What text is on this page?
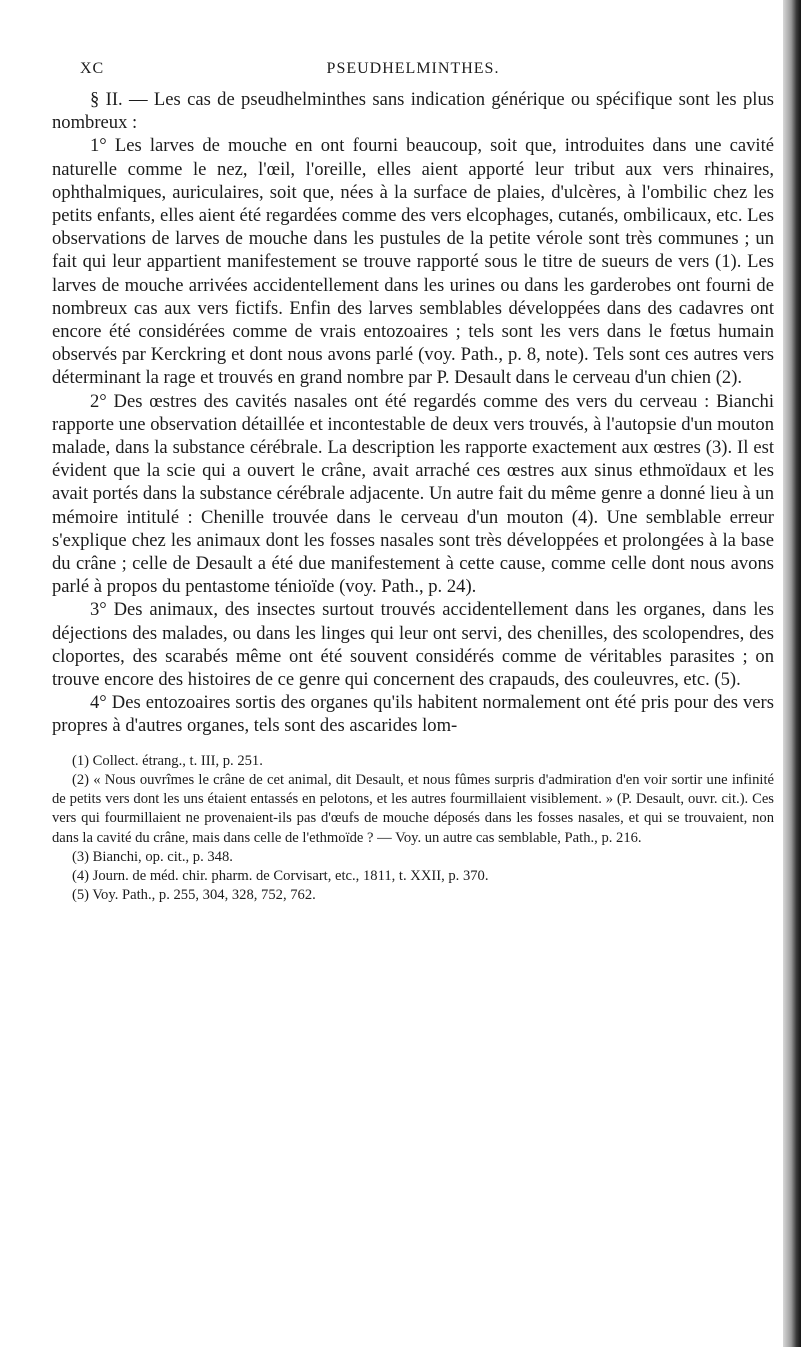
XC	PSEUDHELMINTHES.

§ II. — Les cas de pseudhelminthes sans indication générique ou spécifique sont les plus nombreux :

1° Les larves de mouche en ont fourni beaucoup, soit que, introduites dans une cavité naturelle comme le nez, l'œil, l'oreille, elles aient apporté leur tribut aux vers rhinaires, ophthalmiques, auriculaires, soit que, nées à la surface de plaies, d'ulcères, à l'ombilic chez les petits enfants, elles aient été regardées comme des vers elcophages, cutanés, ombilicaux, etc. Les observations de larves de mouche dans les pustules de la petite vérole sont très communes ; un fait qui leur appartient manifestement se trouve rapporté sous le titre de sueurs de vers (1). Les larves de mouche arrivées accidentellement dans les urines ou dans les garderobes ont fourni de nombreux cas aux vers fictifs. Enfin des larves semblables développées dans des cadavres ont encore été considérées comme de vrais entozoaires ; tels sont les vers dans le fœtus humain observés par Kerckring et dont nous avons parlé (voy. Path., p. 8, note). Tels sont ces autres vers déterminant la rage et trouvés en grand nombre par P. Desault dans le cerveau d'un chien (2).

2° Des œstres des cavités nasales ont été regardés comme des vers du cerveau : Bianchi rapporte une observation détaillée et incontestable de deux vers trouvés, à l'autopsie d'un mouton malade, dans la substance cérébrale. La description les rapporte exactement aux œstres (3). Il est évident que la scie qui a ouvert le crâne, avait arraché ces œstres aux sinus ethmoïdaux et les avait portés dans la substance cérébrale adjacente. Un autre fait du même genre a donné lieu à un mémoire intitulé : Chenille trouvée dans le cerveau d'un mouton (4). Une semblable erreur s'explique chez les animaux dont les fosses nasales sont très développées et prolongées à la base du crâne ; celle de Desault a été due manifestement à cette cause, comme celle dont nous avons parlé à propos du pentastome ténioïde (voy. Path., p. 24).

3° Des animaux, des insectes surtout trouvés accidentellement dans les organes, dans les déjections des malades, ou dans les linges qui leur ont servi, des chenilles, des scolopendres, des cloportes, des scarabés même ont été souvent considérés comme de véritables parasites ; on trouve encore des histoires de ce genre qui concernent des crapauds, des couleuvres, etc. (5).

4° Des entozoaires sortis des organes qu'ils habitent normalement ont été pris pour des vers propres à d'autres organes, tels sont des ascarides lom-

(1) Collect. étrang., t. III, p. 251.

(2) « Nous ouvrîmes le crâne de cet animal, dit Desault, et nous fûmes surpris d'admiration d'en voir sortir une infinité de petits vers dont les uns étaient entassés en pelotons, et les autres fourmillaient visiblement. » (P. Desault, ouvr. cit.). Ces vers qui fourmillaient ne provenaient-ils pas d'œufs de mouche déposés dans les fosses nasales, et qui se trouvaient, non dans la cavité du crâne, mais dans celle de l'ethmoïde ? — Voy. un autre cas semblable, Path., p. 216.

(3) Bianchi, op. cit., p. 348.

(4) Journ. de méd. chir. pharm. de Corvisart, etc., 1811, t. XXII, p. 370.

(5) Voy. Path., p. 255, 304, 328, 752, 762.
